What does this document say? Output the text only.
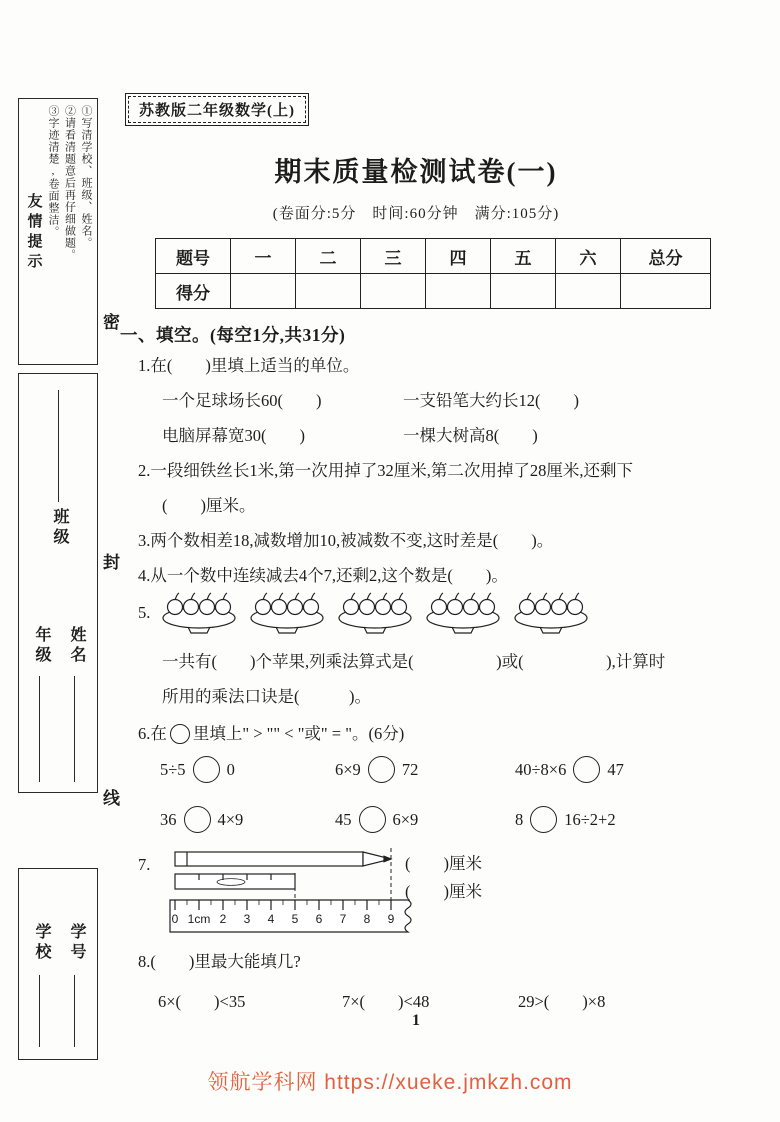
①写清学校、班级、姓名。
②请看清题意后再仔细做题。
③字迹清楚,卷面整洁。
友情提示
班级
年级 姓名
学校 学号
密
封
线
苏教版二年级数学(上)
期末质量检测试卷(一)
(卷面分:5分　时间:60分钟　满分:105分)
题号	一	二	三	四	五	六	总分
得分							
一、填空。(每空1分,共31分)
1.在(　　)里填上适当的单位。
一个足球场长60(　　)	一支铅笔大约长12(　　)
电脑屏幕宽30(　　)	一棵大树高8(　　)
2.一段细铁丝长1米,第一次用掉了32厘米,第二次用掉了28厘米,还剩下
(　　)厘米。
3.两个数相差18,减数增加10,被减数不变,这时差是(　　)。
4.从一个数中连续减去4个7,还剩2,这个数是(　　)。
5.
一共有(　　)个苹果,列乘法算式是(　　　　　)或(　　　　　),计算时
所用的乘法口诀是(　　　)。
6.在 里填上" > "" < "或" = "。(6分)
5÷5 0	6×9 72	40÷8×6 47
36 4×9	45 6×9	8 16÷2+2
7.
0 1cm 2 3 4 5 6 7 8 9
(　　)厘米
(　　)厘米
8.(　　)里最大能填几?
6×(　　)<35	7×(　　)<48	29>(　　)×8
1
领航学科网 https://xueke.jmkzh.com
